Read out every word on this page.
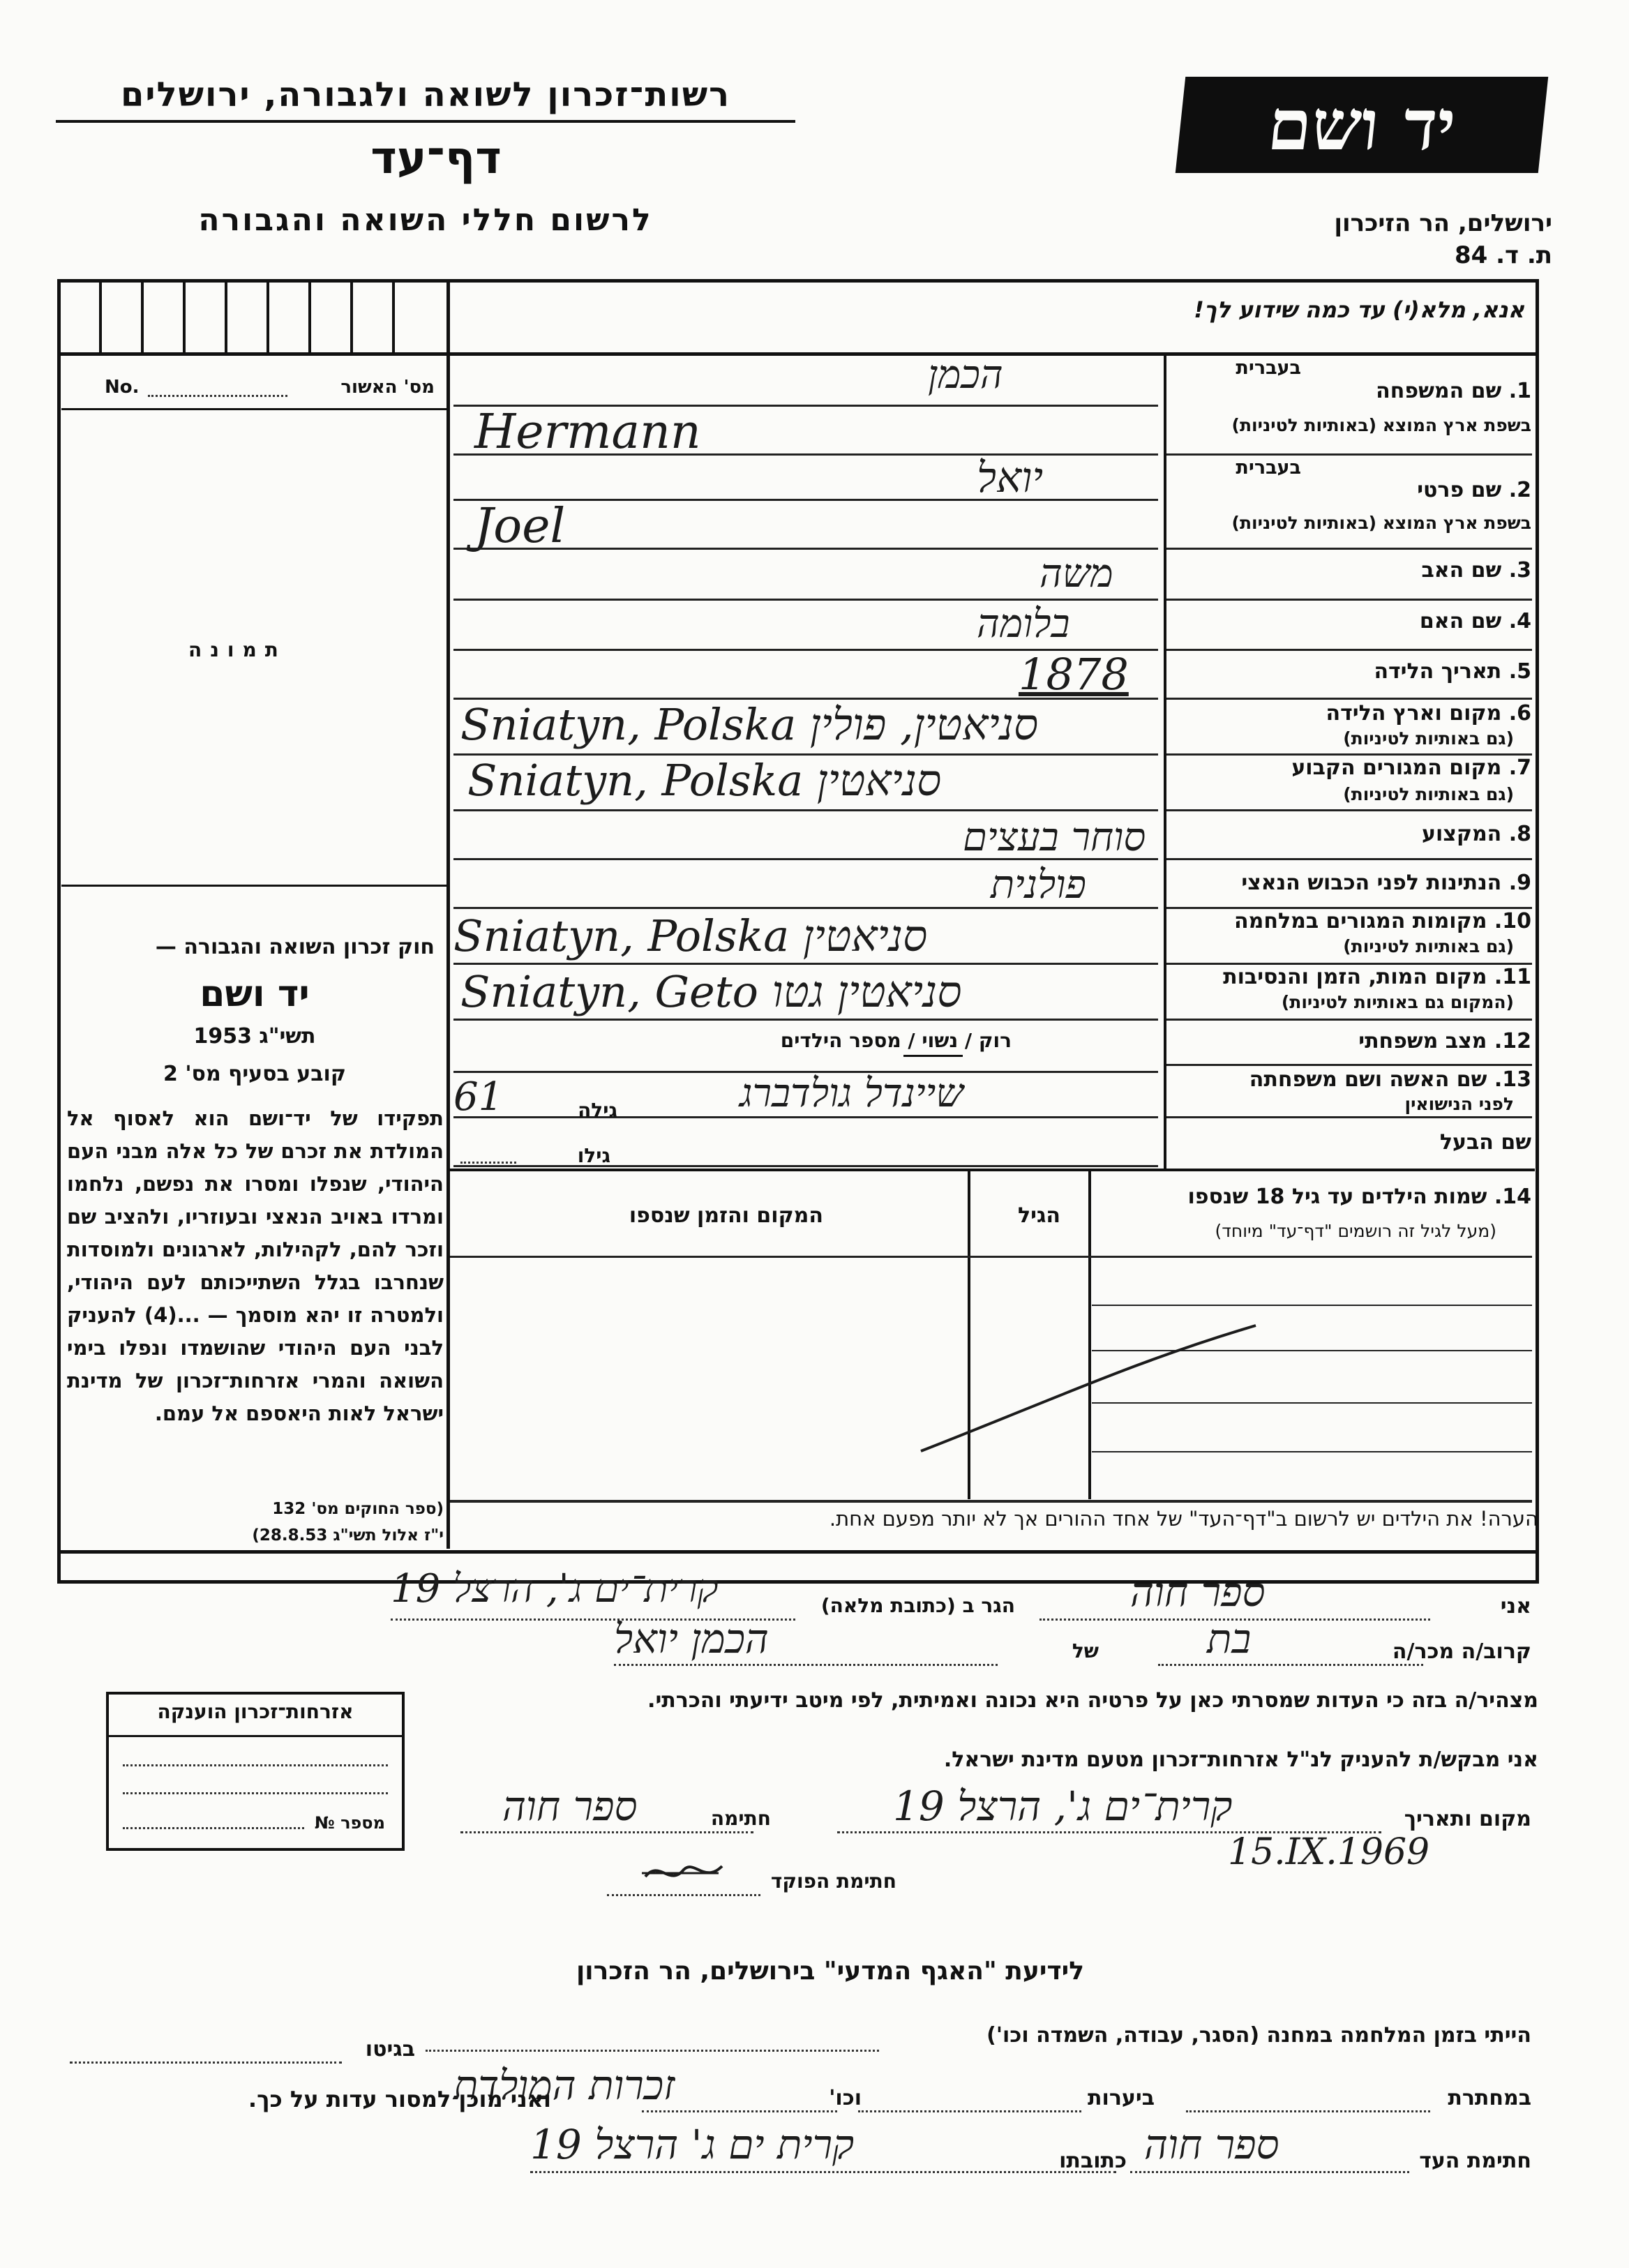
רשות־זכרון לשואה ולגבורה, ירושלים
דף־עד
לרשום חללי השואה והגבורה
יד ושם
ירושלים, הר הזיכרון
ת. ד. 84
אנא, מלא(י) עד כמה שידוע לך!
No.	מס' האשור
תמונה
חוק זכרון השואה והגבורה —
יד ושם
תשי"ג 1953
קובע בסעיף מס' 2
תפקידו של יד־ושם הוא לאסוף אל המולדת את זכרם של כל אלה מבני העם היהודי, שנפלו ומסרו את נפשם, נלחמו ומרדו באויב הנאצי ובעוזריו, ולהציב שם וזכר להם, לקהילות, לארגונים ולמוסדות שנחרבו בגלל השתייכותם לעם היהודי, ולמטרה זו יהא מוסמך — ...(4) להעניק לבני העם היהודי שהושמדו ונפלו בימי השואה והמרי אזרחות־זכרון של מדינת ישראל לאות היאספם אל עמם.
(ספר החוקים מס' 132
י"ז אלול תשי"ג 28.8.53)
בעברית
1. שם המשפחה
בשפת ארץ המוצא (באותיות לטיניות)
בעברית
2. שם פרטי
בשפת ארץ המוצא (באותיות לטיניות)
3. שם האב
4. שם האם
5. תאריך הלידה
6. מקום וארץ הלידה
(גם באותיות לטיניות)
7. מקום המגורים הקבוע
(גם באותיות לטיניות)
8. המקצוע
9. הנתינות לפני הכבוש הנאצי
10. מקומות המגורים במלחמה
(גם באותיות לטיניות)
11. מקום המות, הזמן והנסיבות
(המקום גם באותיות לטיניות)
12. מצב משפחתי
13. שם האשה ושם משפחתה
לפני הנישואין
שם הבעל
הכמן
Hermann
יואל
Joel
משה
בלומה
1878
Sniatyn, Polska סניאטין, פולין
Sniatyn, Polska סניאטין
סוחר בעצים
פולנית
Sniatyn, Polska סניאטין
Sniatyn, Geto סניאטין גטו
רוק / נשוי / מספר הילדים
שיינדל גולדברג
61	גילה
גילו
14. שמות הילדים עד גיל 18 שנספו
(מעל לגיל זה רושמים "דף־עד" מיוחד)
הגיל
המקום והזמן שנספו
הערה! את הילדים יש לרשום ב"דף־העד" של אחד ההורים אך לא יותר מפעם אחת.
אני
ספר חוה
הגר ב (כתובת מלאה)
קרית־ים ג', הרצל 19
קרוב/ה מכר/ה
בת
של
הכמן יואל
מצהיר/ה בזה כי העדות שמסרתי כאן על פרטיה היא נכונה ואמיתית, לפי מיטב ידיעתי והכרתי.
אני מבקש/ת להעניק לנ"ל אזרחות־זכרון מטעם מדינת ישראל.
מקום ותאריך
קרית־ים ג', הרצל 19
15.IX.1969
חתימה
ספר חוה
חתימת הפוקד
אזרחות־זכרון הוענקה
מספר №
לידיעת "האגף המדעי" בירושלים, הר הזכרון
הייתי בזמן המלחמה במחנה (הסגר, עבודה, השמדה וכו')
בגיטו
במחתרת
ביערות
וכו'
זכרות המולדת
ואני מוכן למסור עדות על כך.
חתימת העד
ספר חוה
כתובתו
קרית ים ג' הרצל 19
